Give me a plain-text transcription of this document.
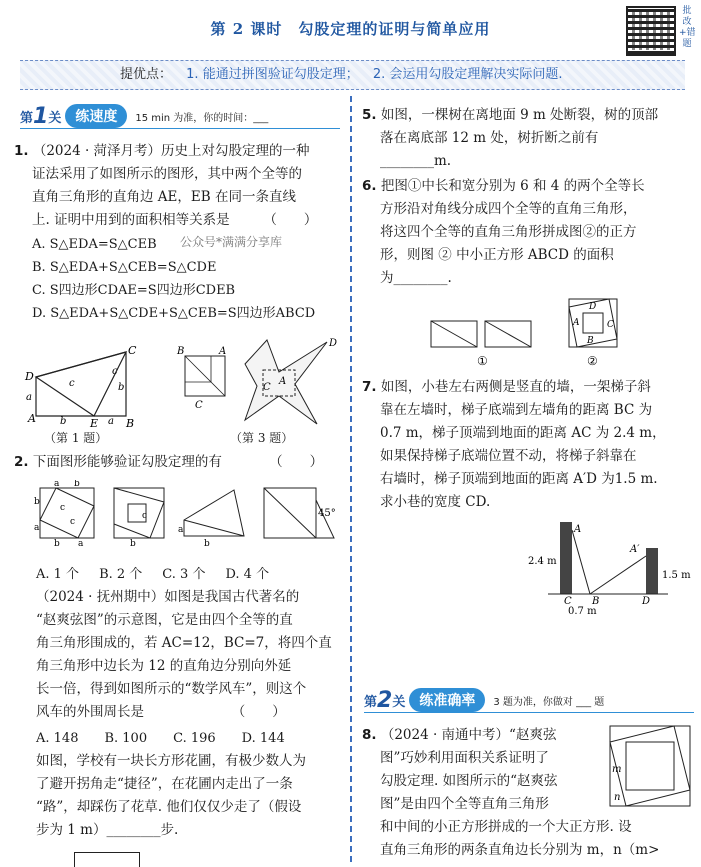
第 2 课时　勾股定理的证明与简单应用
批改+错题
提优点： 1. 能通过拼图验证勾股定理； 2. 会运用勾股定理解决实际问题.
第 1 关	练速度	15 min 为准，你的时间：___
1. （2024 · 菏泽月考）历史上对勾股定理的一种
证法采用了如图所示的图形，其中两个全等的
直角三角形的直角边 AE，EB 在同一条直线
上. 证明中用到的面积相等关系是　　　（　　）
A. S△EDA=S△CEB
B. S△EDA+S△CEB=S△CDE
C. S四边形CDAE=S四边形CDEB
D. S△EDA+S△CDE+S△CEB=S四边形ABCD
公众号*满满分享库
D
C
A	E	B
a
b	a
b
c
c
（第 1 题）
B	A
C
D
C
A
（第 3 题）
2. 下面图形能够验证勾股定理的有　　　　（　　）
a b
b
a
c
c
b a
c
b
a
b
45°
A. 1 个 B. 2 个 C. 3 个 D. 4 个
（2024 · 抚州期中）如图是我国古代著名的
“赵爽弦图”的示意图，它是由四个全等的直
角三角形围成的，若 AC=12，BC=7，将四个直
角三角形中边长为 12 的直角边分别向外延
长一倍，得到如图所示的“数学风车”，则这个
风车的外围周长是　　　　　　　（　　）
A. 148 B. 100 C. 196 D. 144
如图，学校有一块长方形花圃，有极少数人为
了避开拐角走“捷径”，在花圃内走出了一条
“路”，却踩伤了花草. 他们仅仅少走了（假设
步为 1 m）________步.
5. 如图，一棵树在离地面 9 m 处断裂，树的顶部
落在离底部 12 m 处，树折断之前有
________m.
6. 把图①中长和宽分别为 6 和 4 的两个全等长
方形沿对角线分成四个全等的直角三角形，
将这四个全等的直角三角形拼成图②的正方
形，则图 ② 中小正方形 ABCD 的面积
为________.
①
D
A	C
B
②
7. 如图，小巷左右两侧是竖直的墙，一架梯子斜
靠在左墙时，梯子底端到左墙角的距离 BC 为
0.7 m，梯子顶端到地面的距离 AC 为 2.4 m，
如果保持梯子底端位置不动，将梯子斜靠在
右墙时，梯子顶端到地面的距离 A′D 为1.5 m.
求小巷的宽度 CD.
A
A′
C B	D
2.4 m
1.5 m
0.7 m
第 2 关	练准确率	3 题为准，你做对 ___ 题
8. （2024 · 南通中考）“赵爽弦
图”巧妙利用面积关系证明了
勾股定理. 如图所示的“赵爽弦
图”是由四个全等直角三角形
和中间的小正方形拼成的一个大正方形. 设
直角三角形的两条直角边长分别为 m，n（m>
m
n
